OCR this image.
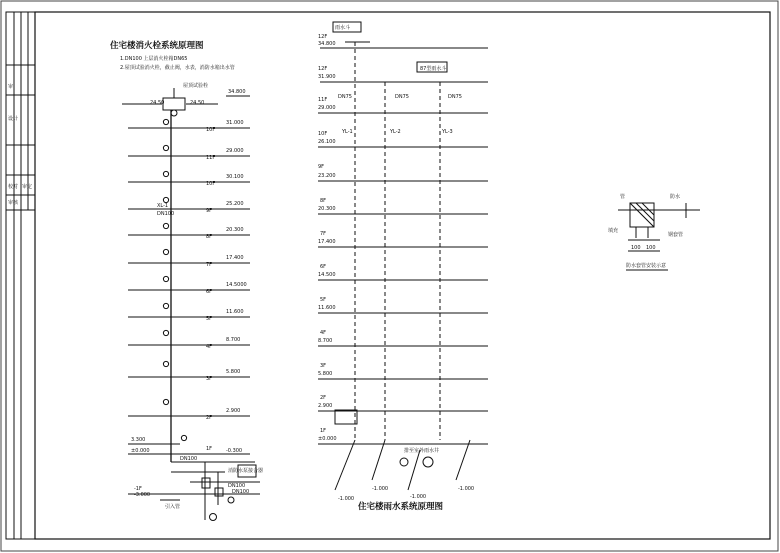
审
设计
校对
审核
审定
住宅楼消火栓系统原理图
1.DN100 上层消火栓箱DN65
2.屋顶试验消火栓，截止阀，水表，消防水箱出水管
屋顶试验栓
24.50	24.50
34.800
10F
31.000
11F
29.000
10F
30.100
9F
25.200
XL-1
DN100
8F
20.300
7F
17.400
6F
14.5000
5F
11.600
4F
8.700
3F
5.800
2F
2.900
1F
3.300
±0.000	-0.300
DN100
DN100
DN100
消防水泵接合器
-1F
-3.000
引入管
雨水斗
87型雨水斗
YL-1	YL-2	YL-3
DN75	DN75	DN75
12F
34.800
12F
31.900
11F
29.000
10F
26.100
9F
23.200
8F
20.300
7F
17.400
6F
14.500
5F
11.600
4F
8.700
3F
5.800
2F
2.900
1F
±0.000
-1.000
-1.000
-1.000
-1.000
排至室外雨水井
住宅楼雨水系统原理图
管	防水
填充
钢套管
100 100
防水套管安装示意
